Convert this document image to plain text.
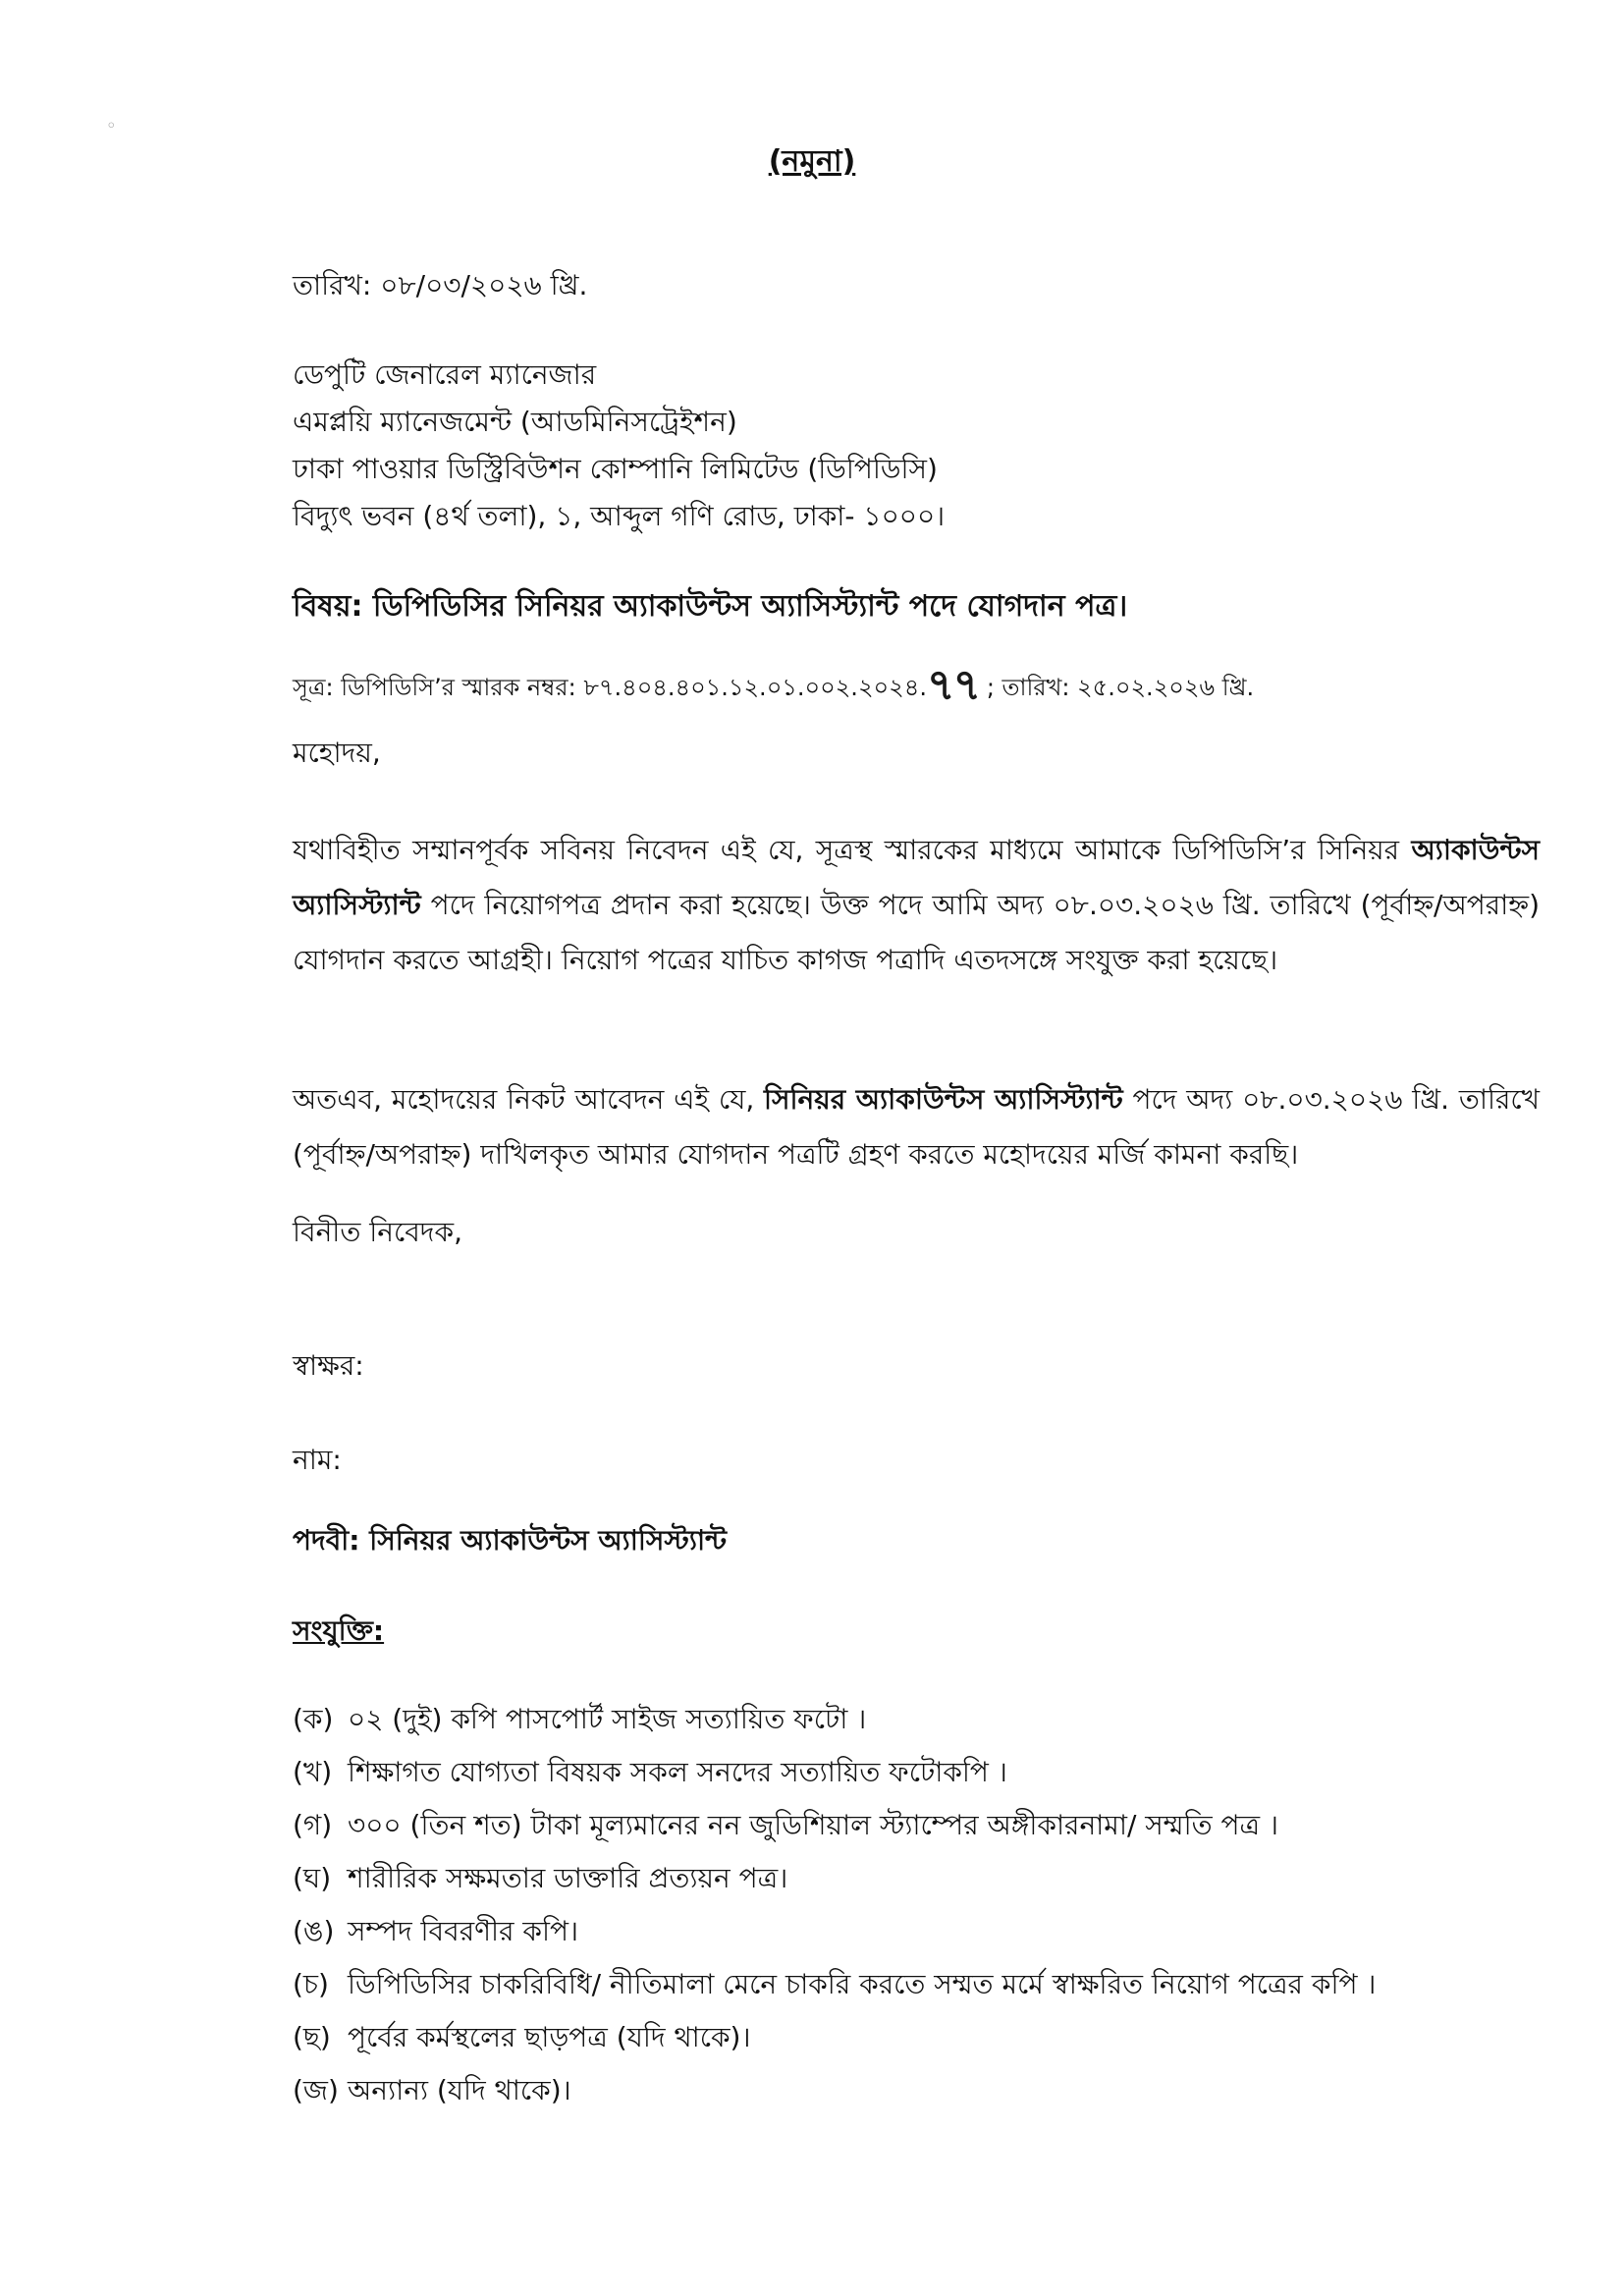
◦
(নমুনা)
তারিখ: ০৮/০৩/২০২৬ খ্রি.
ডেপুটি জেনারেল ম্যানেজার
এমপ্লয়ি ম্যানেজমেন্ট (আডমিনিসট্রেইশন)
ঢাকা পাওয়ার ডিস্ট্রিবিউশন কোম্পানি লিমিটেড (ডিপিডিসি)
বিদ্যুৎ ভবন (৪র্থ তলা), ১, আব্দুল গণি রোড, ঢাকা- ১০০০।
বিষয়: ডিপিডিসির সিনিয়র অ্যাকাউন্টস অ্যাসিস্ট্যান্ট পদে যোগদান পত্র।
সূত্র: ডিপিডিসি’র স্মারক নম্বর: ৮৭.৪০৪.৪০১.১২.০১.০০২.২০২৪.৭৭ ; তারিখ: ২৫.০২.২০২৬ খ্রি.
মহোদয়,
যথাবিহীত সম্মানপূর্বক সবিনয় নিবেদন এই যে, সূত্রস্থ স্মারকের মাধ্যমে আমাকে ডিপিডিসি’র সিনিয়র অ্যাকাউন্টস অ্যাসিস্ট্যান্ট পদে নিয়োগপত্র প্রদান করা হয়েছে। উক্ত পদে আমি অদ্য ০৮.০৩.২০২৬ খ্রি. তারিখে (পূর্বাহ্ন/অপরাহ্ন) যোগদান করতে আগ্রহী। নিয়োগ পত্রের যাচিত কাগজ পত্রাদি এতদসঙ্গে সংযুক্ত করা হয়েছে।
অতএব, মহোদয়ের নিকট আবেদন এই যে, সিনিয়র অ্যাকাউন্টস অ্যাসিস্ট্যান্ট পদে অদ্য ০৮.০৩.২০২৬ খ্রি. তারিখে (পূর্বাহ্ন/অপরাহ্ন) দাখিলকৃত আমার যোগদান পত্রটি গ্রহণ করতে মহোদয়ের মর্জি কামনা করছি।
বিনীত নিবেদক,
স্বাক্ষর:
নাম:
পদবী: সিনিয়র অ্যাকাউন্টস অ্যাসিস্ট্যান্ট
সংযুক্তি:
(ক) ০২ (দুই) কপি পাসপোর্ট সাইজ সত্যায়িত ফটো ।
(খ) শিক্ষাগত যোগ্যতা বিষয়ক সকল সনদের সত্যায়িত ফটোকপি ।
(গ) ৩০০ (তিন শত) টাকা মূল্যমানের নন জুডিশিয়াল স্ট্যাম্পের অঙ্গীকারনামা/ সম্মতি পত্র ।
(ঘ) শারীরিক সক্ষমতার ডাক্তারি প্রত্যয়ন পত্র।
(ঙ) সম্পদ বিবরণীর কপি।
(চ) ডিপিডিসির চাকরিবিধি/ নীতিমালা মেনে চাকরি করতে সম্মত মর্মে স্বাক্ষরিত নিয়োগ পত্রের কপি ।
(ছ) পূর্বের কর্মস্থলের ছাড়পত্র (যদি থাকে)।
(জ) অন্যান্য (যদি থাকে)।
